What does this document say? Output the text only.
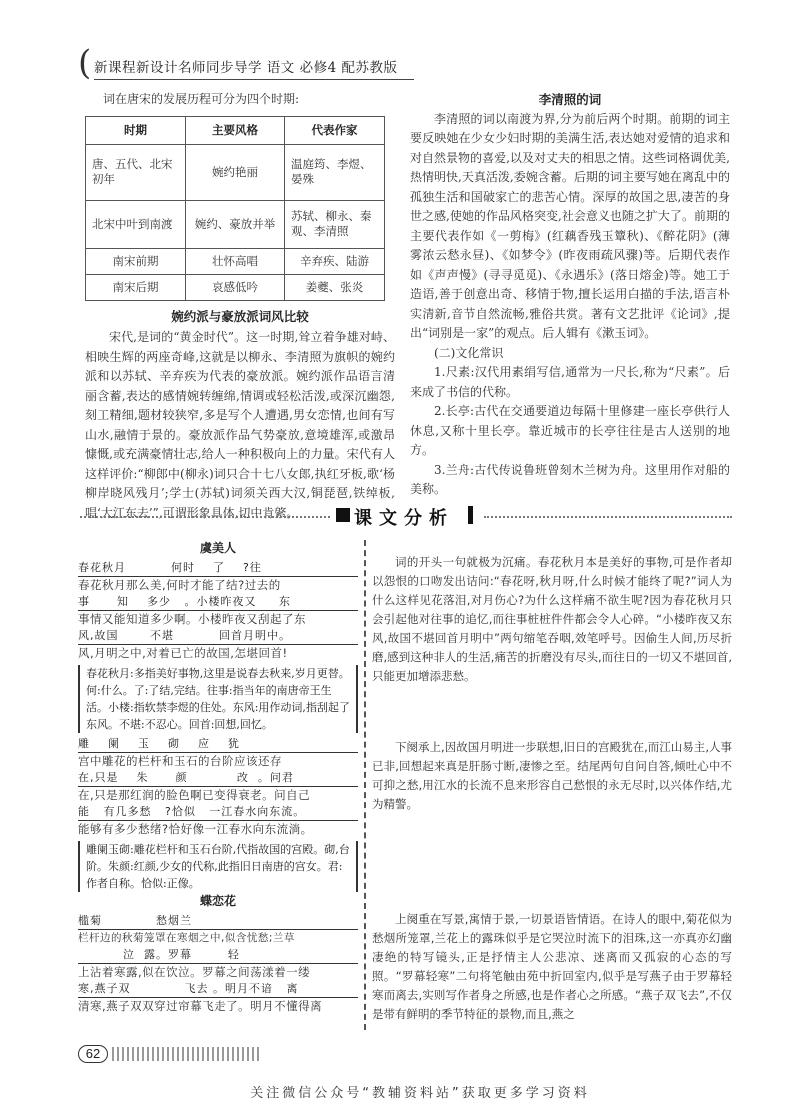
( 新课程新设计名师同步导学 语文 必修4 配苏教版
词在唐宋的发展历程可分为四个时期:
时期	主要风格	代表作家
唐、五代、北宋初年	婉约艳丽	温庭筠、李煜、晏殊
北宋中叶到南渡	婉约、豪放并举	苏轼、柳永、秦观、李清照
南宋前期	壮怀高唱	辛弃疾、陆游
南宋后期	哀感低吟	姜夔、张炎
婉约派与豪放派词风比较

宋代,是词的“黄金时代”。这一时期,耸立着争雄对峙、相映生辉的两座奇峰,这就是以柳永、李清照为旗帜的婉约派和以苏轼、辛弃疾为代表的豪放派。婉约派作品语言清丽含蓄,表达的感情婉转缠绵,情调或轻松活泼,或深沉幽怨,刻工精细,题材较狭窄,多是写个人遭遇,男女恋情,也间有写山水,融情于景的。豪放派作品气势豪放,意境雄浑,或激昂慷慨,或充满豪情壮志,给人一种积极向上的力量。宋代有人这样评价:“柳郎中(柳永)词只合十七八女郎,执红牙板,歌‘杨柳岸晓风残月’;学士(苏轼)词须关西大汉,铜琵琶,铁绰板,唱‘大江东去’”,可谓形象具体,切中肯綮。

李清照的词

李清照的词以南渡为界,分为前后两个时期。前期的词主要反映她在少女少妇时期的美满生活,表达她对爱情的追求和对自然景物的喜爱,以及对丈夫的相思之情。这些词格调优美,热情明快,天真活泼,委婉含蓄。后期的词主要写她在离乱中的孤独生活和国破家亡的悲苦心情。深厚的故国之思,凄苦的身世之感,使她的作品风格突变,社会意义也随之扩大了。前期的主要代表作如《一剪梅》(红藕香残玉簟秋)、《醉花阴》(薄雾浓云愁永昼)、《如梦令》(昨夜雨疏风骤)等。后期代表作如《声声慢》(寻寻觅觅)、《永遇乐》(落日熔金)等。她工于造语,善于创意出奇、移情于物,擅长运用白描的手法,语言朴实清新,音节自然流畅,雅俗共赏。著有文艺批评《论词》,提出“词别是一家”的观点。后人辑有《漱玉词》。

(二)文化常识

1.尺素:汉代用素绢写信,通常为一尺长,称为“尺素”。后来成了书信的代称。

2.长亭:古代在交通要道边每隔十里修建一座长亭供行人休息,又称十里长亭。靠近城市的长亭往往是古人送别的地方。

3.兰舟:古代传说鲁班曾刻木兰树为舟。这里用作对船的美称。

课文分析
虞美人
春花秋月          何时    了    ?往
春花秋月那么美,何时才能了结?过去的
事      知    多少   。小楼昨夜又     东
事情又能知道多少啊。小楼昨夜又刮起了东
风,故国       不堪          回首月明中。
风,月明之中,对着已亡的故国,怎堪回首!
春花秋月:多指美好事物,这里是说春去秋来,岁月更替。何:什么。了:了结,完结。往事:指当年的南唐帝王生活。小楼:指软禁李煜的住处。东风:用作动词,指刮起了东风。不堪:不忍心。回首:回想,回忆。
雕    阑    玉    砌    应    犹
宫中雕花的栏杆和玉石的台阶应该还存
在,只是    朱      颜           改  。问君
在,只是那红润的脸色啊已变得衰老。问自己
能   有几多愁   ?恰似   一江春水向东流。
能够有多少愁绪?恰好像一江春水向东流淌。
雕阑玉砌:雕花栏杆和玉石台阶,代指故国的宫殿。砌,台阶。朱颜:红颜,少女的代称,此指旧日南唐的宫女。君:作者自称。恰似:正像。
蝶恋花
槛菊            愁烟兰
栏杆边的秋菊笼罩在寒烟之中,似含忧愁;兰草
泣  露。罗幕        轻
上沾着寒露,似在饮泣。罗幕之间荡漾着一缕
寒,燕子双            飞去 。明月不谙   离
清寒,燕子双双穿过帘幕飞走了。明月不懂得离
词的开头一句就极为沉痛。春花秋月本是美好的事物,可是作者却以怨恨的口吻发出诘问:“春花呀,秋月呀,什么时候才能终了呢?”词人为什么这样见花落泪,对月伤心?为什么这样痛不欲生呢?因为春花秋月只会引起他对往事的追忆,而往事桩桩件件都会令人心碎。“小楼昨夜又东风,故国不堪回首月明中”两句缩笔吞咽,效笔呼号。因偷生人间,历尽折磨,感到这种非人的生活,痛苦的折磨没有尽头,而往日的一切又不堪回首,只能更加增添悲愁。
下阕承上,因故国月明进一步联想,旧日的宫殿犹在,而江山易主,人事已非,回想起来真是肝肠寸断,凄惨之至。结尾两句自问自答,倾吐心中不可抑之愁,用江水的长流不息来形容自己愁恨的永无尽时,以兴体作结,尤为精警。
上阕重在写景,寓情于景,一切景语皆情语。在诗人的眼中,菊花似为愁烟所笼罩,兰花上的露珠似乎是它哭泣时流下的泪珠,这一亦真亦幻幽凄绝的特写镜头,正是抒情主人公悲凉、迷离而又孤寂的心态的写照。“罗幕轻寒”二句将笔触由苑中折回室内,似乎是写燕子由于罗幕轻寒而离去,实则写作者身之所感,也是作者心之所感。“燕子双飞去”,不仅是带有鲜明的季节特征的景物,而且,燕之
62
关注微信公众号“教辅资料站”获取更多学习资料
